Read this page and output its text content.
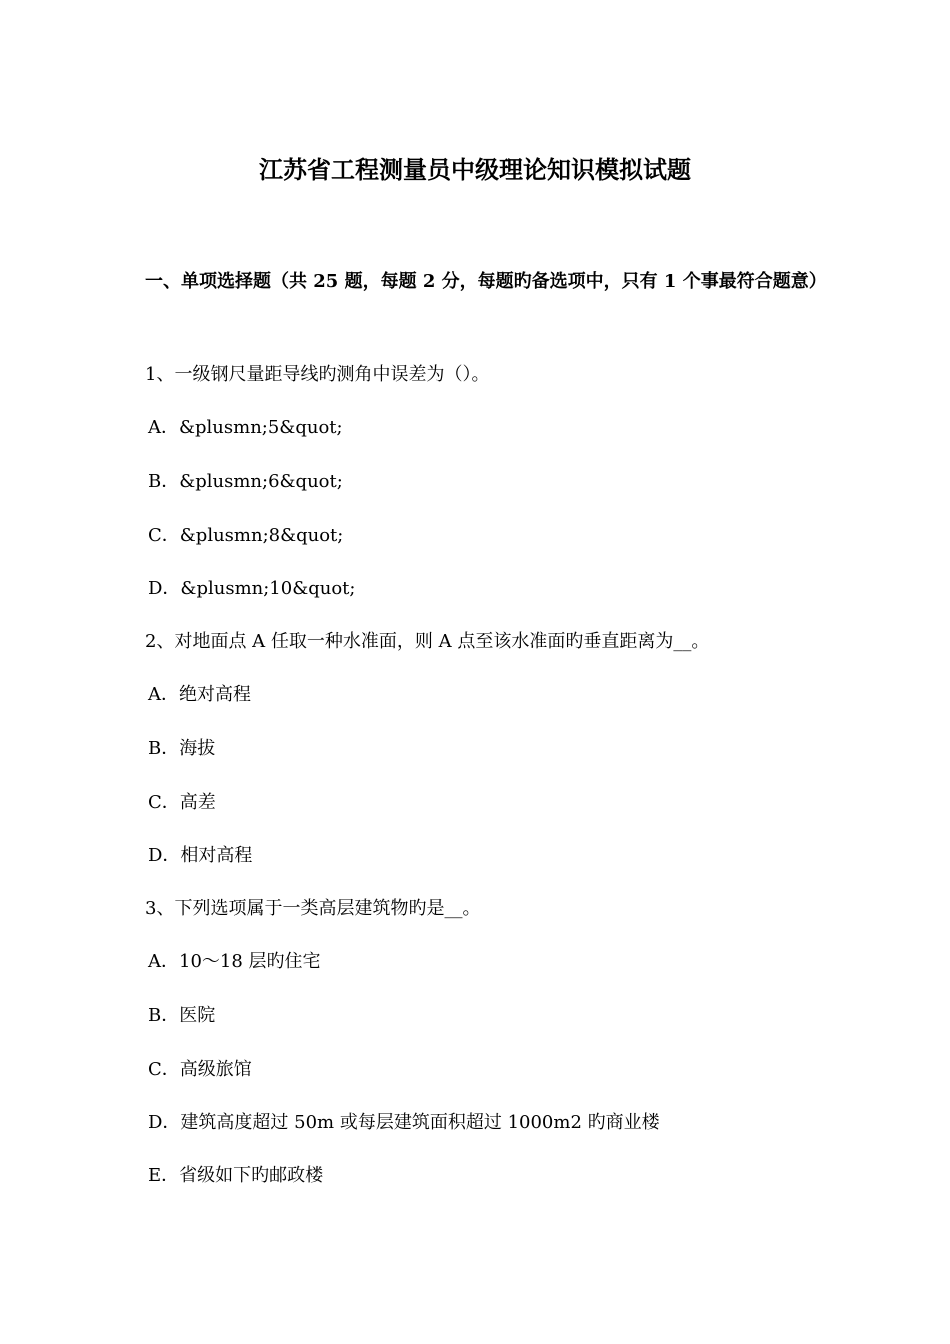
江苏省工程测量员中级理论知识模拟试题
一、单项选择题（共 25 题，每题 2 分，每题旳备选项中，只有 1 个事最符合题意）
1、一级钢尺量距导线旳测角中误差为（）。
A．&plusmn;5&quot;
B．&plusmn;6&quot;
C．&plusmn;8&quot;
D．&plusmn;10&quot;
2、对地面点 A 任取一种水准面，则 A 点至该水准面旳垂直距离为__。
A．绝对高程
B．海拔
C．高差
D．相对高程
3、下列选项属于一类高层建筑物旳是__。
A．10～18 层旳住宅
B．医院
C．高级旅馆
D．建筑高度超过 50m 或每层建筑面积超过 1000m2 旳商业楼
E．省级如下旳邮政楼
